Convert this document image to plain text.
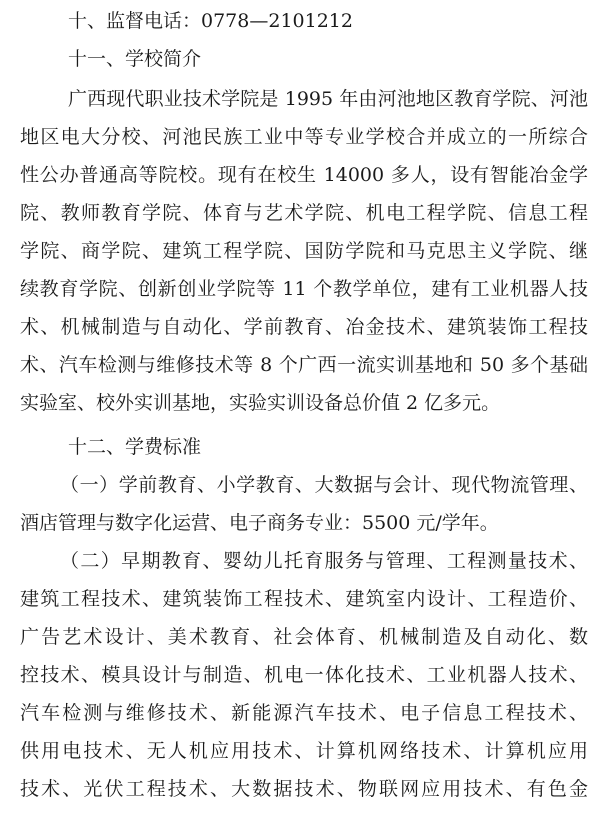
十、监督电话：0778—2101212
十一、学校简介
广西现代职业技术学院是 1995 年由河池地区教育学院、河池
地区电大分校、河池民族工业中等专业学校合并成立的一所综合
性公办普通高等院校。现有在校生 14000 多人，设有智能冶金学
院、教师教育学院、体育与艺术学院、机电工程学院、信息工程
学院、商学院、建筑工程学院、国防学院和马克思主义学院、继
续教育学院、创新创业学院等 11 个教学单位，建有工业机器人技
术、机械制造与自动化、学前教育、冶金技术、建筑装饰工程技
术、汽车检测与维修技术等 8 个广西一流实训基地和 50 多个基础
实验室、校外实训基地，实验实训设备总价值 2 亿多元。
十二、学费标准
（一）学前教育、小学教育、大数据与会计、现代物流管理、
酒店管理与数字化运营、电子商务专业：5500 元/学年。
（二）早期教育、婴幼儿托育服务与管理、工程测量技术、
建筑工程技术、建筑装饰工程技术、建筑室内设计、工程造价、
广告艺术设计、美术教育、社会体育、机械制造及自动化、数
控技术、模具设计与制造、机电一体化技术、工业机器人技术、
汽车检测与维修技术、新能源汽车技术、电子信息工程技术、
供用电技术、无人机应用技术、计算机网络技术、计算机应用
技术、光伏工程技术、大数据技术、物联网应用技术、有色金
